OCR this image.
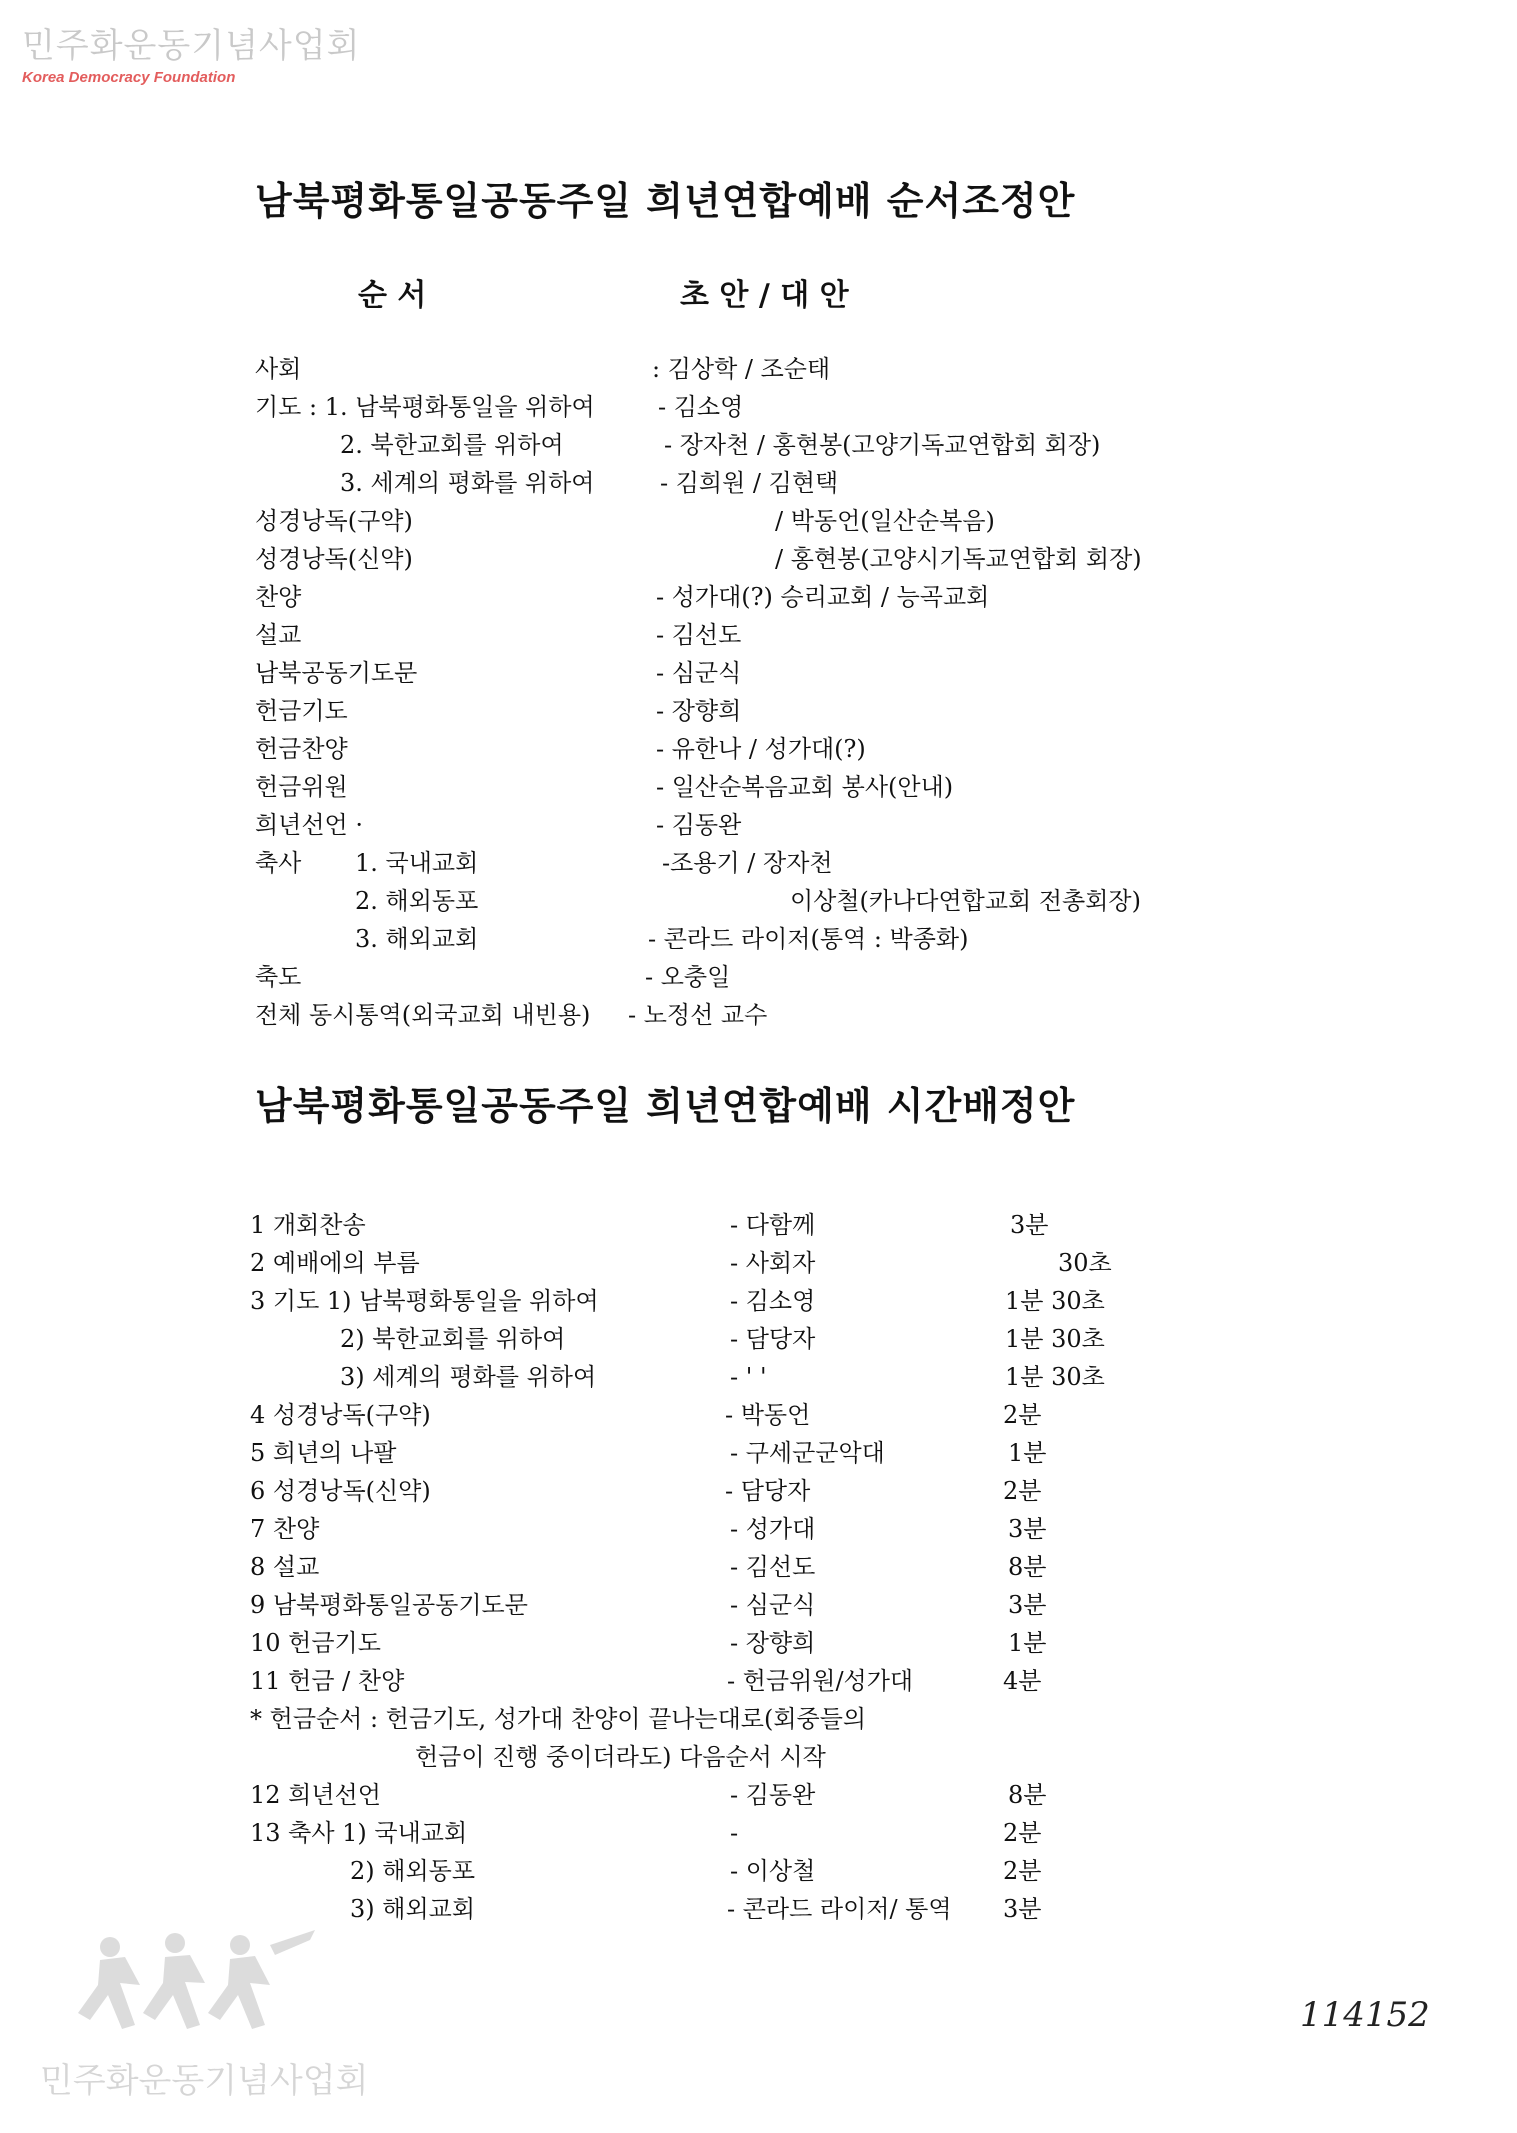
민주화운동기념사업회
Korea Democracy Foundation
남북평화통일공동주일 희년연합예배 순서조정안
순 서	초 안 / 대 안
사회	: 김상학 / 조순태
기도 : 1. 남북평화통일을 위하여	- 김소영
2. 북한교회를 위하여	- 장자천 / 홍현봉(고양기독교연합회 회장)
3. 세계의 평화를 위하여	- 김희원 / 김현택
성경낭독(구약)	/ 박동언(일산순복음)
성경낭독(신약)	/ 홍현봉(고양시기독교연합회 회장)
찬양	- 성가대(?) 승리교회 / 능곡교회
설교	- 김선도
남북공동기도문	- 심군식
헌금기도	- 장향희
헌금찬양	- 유한나 / 성가대(?)
헌금위원	- 일산순복음교회 봉사(안내)
희년선언 ·	- 김동완
축사 1. 국내교회	-조용기 / 장자천
2. 해외동포	이상철(카나다연합교회 전총회장)
3. 해외교회	- 콘라드 라이저(통역 : 박종화)
축도	- 오충일
전체 동시통역(외국교회 내빈용) - 노정선 교수
남북평화통일공동주일 희년연합예배 시간배정안
1 개회찬송	- 다함께	3분
2 예배에의 부름	- 사회자	30초
3 기도 1) 남북평화통일을 위하여	- 김소영	1분 30초
2) 북한교회를 위하여	- 담당자	1분 30초
3) 세계의 평화를 위하여	- ' '	1분 30초
4 성경낭독(구약)	- 박동언	2분
5 희년의 나팔	- 구세군군악대	1분
6 성경낭독(신약)	- 담당자	2분
7 찬양	- 성가대	3분
8 설교	- 김선도	8분
9 남북평화통일공동기도문	- 심군식	3분
10 헌금기도	- 장향희	1분
11 헌금 / 찬양	- 헌금위원/성가대	4분
* 헌금순서 : 헌금기도, 성가대 찬양이 끝나는대로(회중들의
헌금이 진행 중이더라도) 다음순서 시작
12 희년선언	- 김동완	8분
13 축사 1) 국내교회	-	2분
2) 해외동포	- 이상철	2분
3) 해외교회	- 콘라드 라이저/ 통역 3분
민주화운동기념사업회
114152
